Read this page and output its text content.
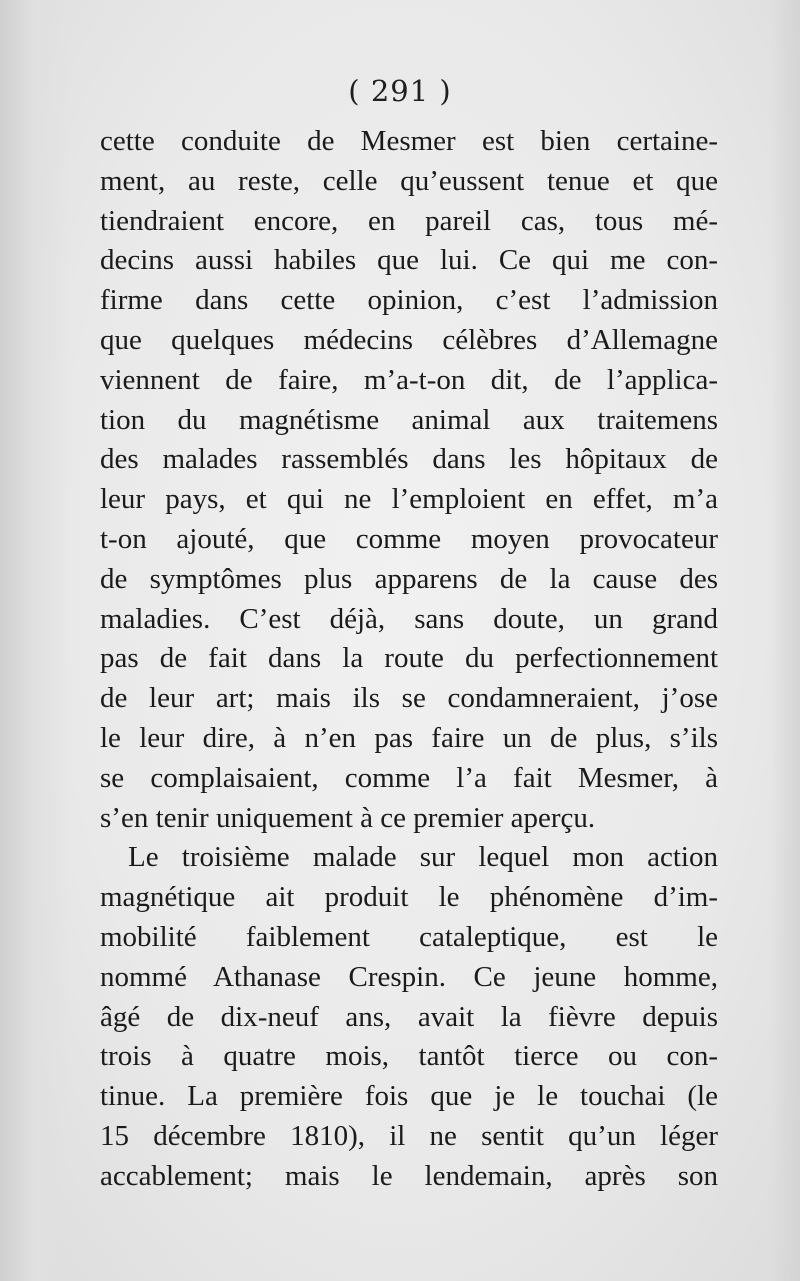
( 291 )
cette conduite de Mesmer est bien certaine-
ment, au reste, celle qu’eussent tenue et que
tiendraient encore, en pareil cas, tous mé-
decins aussi habiles que lui. Ce qui me con-
firme dans cette opinion, c’est l’admission
que quelques médecins célèbres d’Allemagne
viennent de faire, m’a-t-on dit, de l’applica-
tion du magnétisme animal aux traitemens
des malades rassemblés dans les hôpitaux de
leur pays, et qui ne l’emploient en effet, m’a
t-on ajouté, que comme moyen provocateur
de symptômes plus apparens de la cause des
maladies. C’est déjà, sans doute, un grand
pas de fait dans la route du perfectionnement
de leur art; mais ils se condamneraient, j’ose
le leur dire, à n’en pas faire un de plus, s’ils
se complaisaient, comme l’a fait Mesmer, à
s’en tenir uniquement à ce premier aperçu.
Le troisième malade sur lequel mon action
magnétique ait produit le phénomène d’im-
mobilité faiblement cataleptique, est le
nommé Athanase Crespin. Ce jeune homme,
âgé de dix-neuf ans, avait la fièvre depuis
trois à quatre mois, tantôt tierce ou con-
tinue. La première fois que je le touchai (le
15 décembre 1810), il ne sentit qu’un léger
accablement; mais le lendemain, après son
